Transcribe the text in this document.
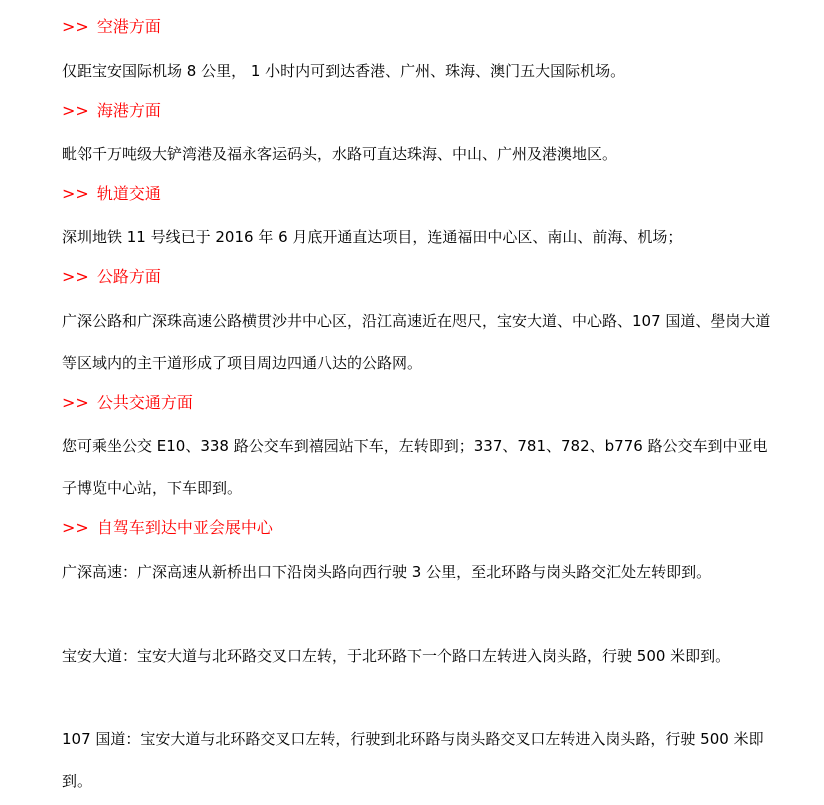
>> 空港方面

仅距宝安国际机场 8 公里， 1 小时内可到达香港、广州、珠海、澳门五大国际机场。

>> 海港方面

毗邻千万吨级大铲湾港及福永客运码头，水路可直达珠海、中山、广州及港澳地区。

>> 轨道交通

深圳地铁 11 号线已于 2016 年 6 月底开通直达项目，连通福田中心区、南山、前海、机场；

>> 公路方面

广深公路和广深珠高速公路横贯沙井中心区，沿江高速近在咫尺，宝安大道、中心路、107 国道、壆岗大道等区域内的主干道形成了项目周边四通八达的公路网。

>> 公共交通方面

您可乘坐公交 E10、338 路公交车到禧园站下车，左转即到；337、781、782、b776 路公交车到中亚电子博览中心站，下车即到。

>> 自驾车到达中亚会展中心

广深高速：广深高速从新桥出口下沿岗头路向西行驶 3 公里，至北环路与岗头路交汇处左转即到。

宝安大道：宝安大道与北环路交叉口左转，于北环路下一个路口左转进入岗头路，行驶 500 米即到。

107 国道：宝安大道与北环路交叉口左转，行驶到北环路与岗头路交叉口左转进入岗头路，行驶 500 米即到。
